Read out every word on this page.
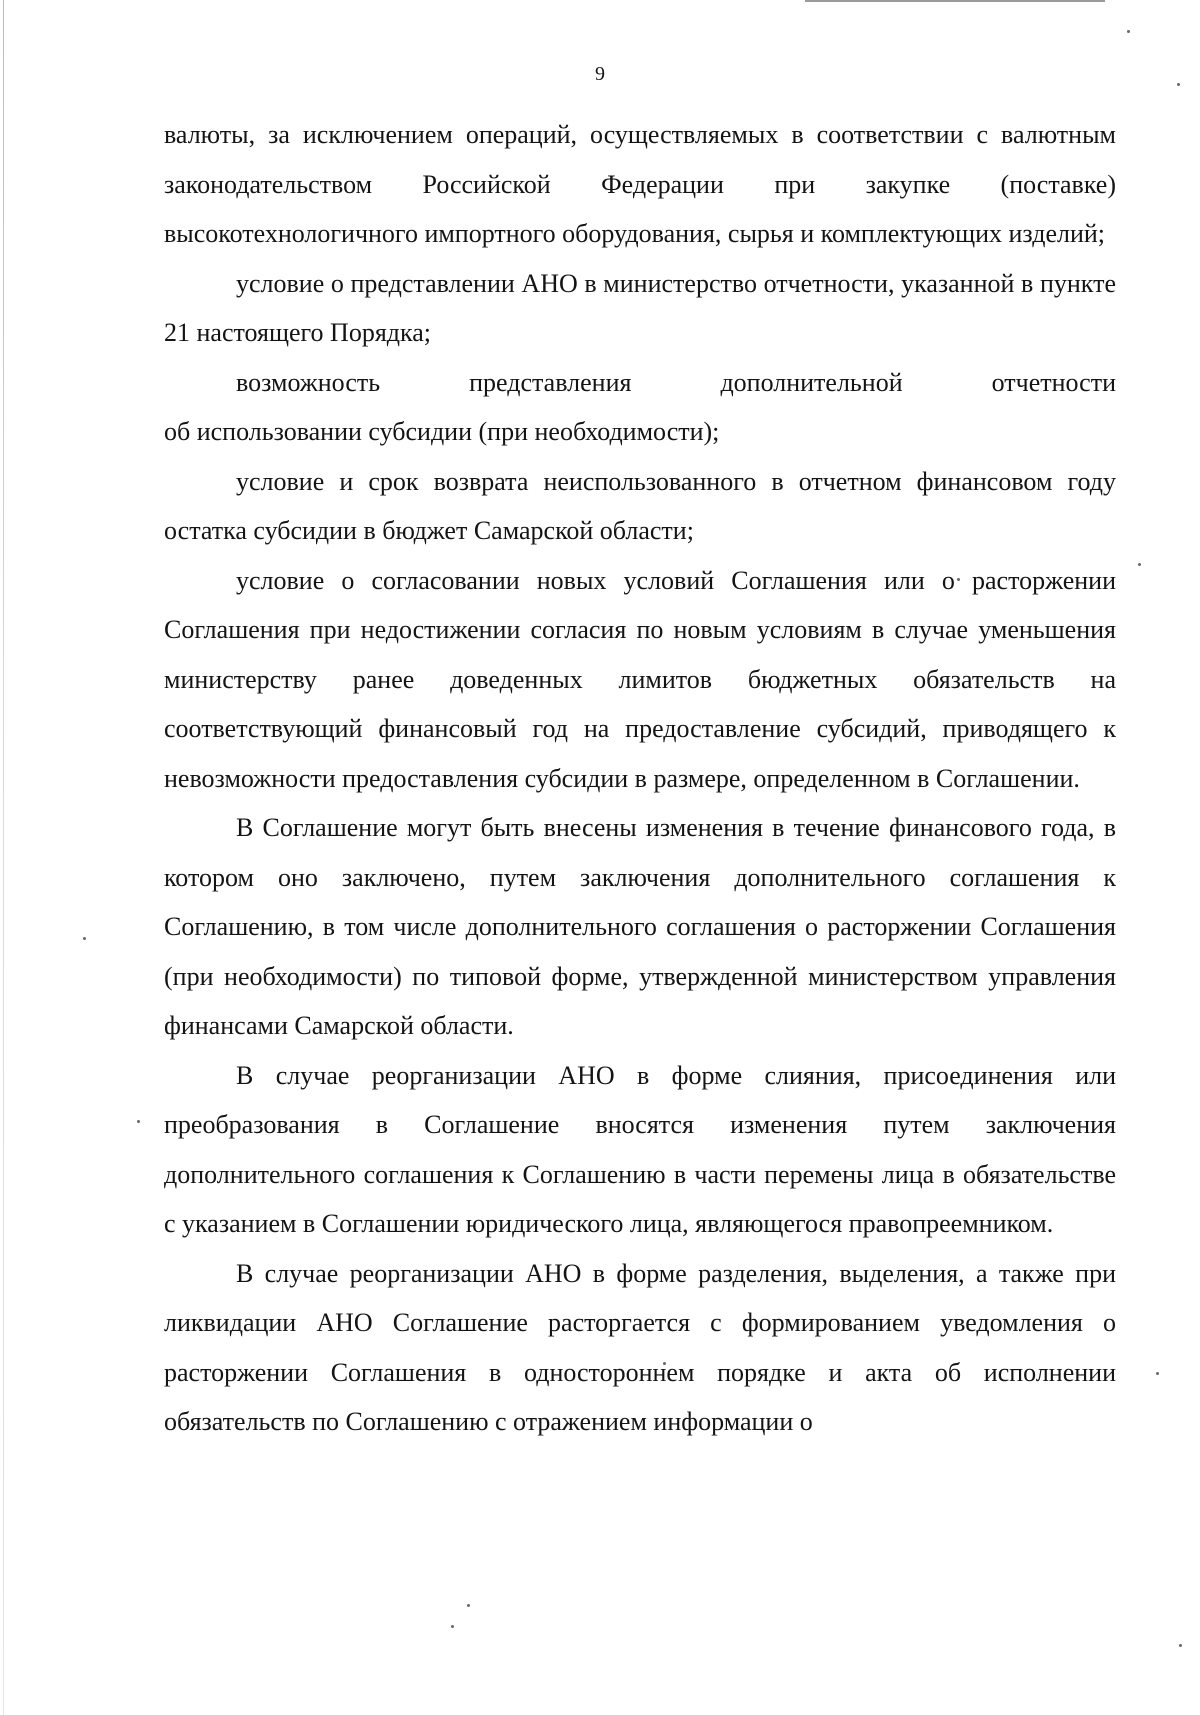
9

валюты, за исключением операций, осуществляемых в соответствии с валютным законодательством Российской Федерации при закупке (поставке) высокотехнологичного импортного оборудования, сырья и комплектующих изделий;

условие о представлении АНО в министерство отчетности, указанной в пункте 21 настоящего Порядка;

возможность представления дополнительной отчетности

об использовании субсидии (при необходимости);

условие и срок возврата неиспользованного в отчетном финансовом году остатка субсидии в бюджет Самарской области;

условие о согласовании новых условий Соглашения или о расторжении Соглашения при недостижении согласия по новым условиям в случае уменьшения министерству ранее доведенных лимитов бюджетных обязательств на соответствующий финансовый год на предоставление субсидий, приводящего к невозможности предоставления субсидии в размере, определенном в Соглашении.

В Соглашение могут быть внесены изменения в течение финансового года, в котором оно заключено, путем заключения дополнительного соглашения к Соглашению, в том числе дополнительного соглашения о расторжении Соглашения (при необходимости) по типовой форме, утвержденной министерством управления финансами Самарской области.

В случае реорганизации АНО в форме слияния, присоединения или преобразования в Соглашение вносятся изменения путем заключения дополнительного соглашения к Соглашению в части перемены лица в обязательстве с указанием в Соглашении юридического лица, являющегося правопреемником.

В случае реорганизации АНО в форме разделения, выделения, а также при ликвидации АНО Соглашение расторгается с формированием уведомления о расторжении Соглашения в одностороннем порядке и акта об исполнении обязательств по Соглашению с отражением информации о
